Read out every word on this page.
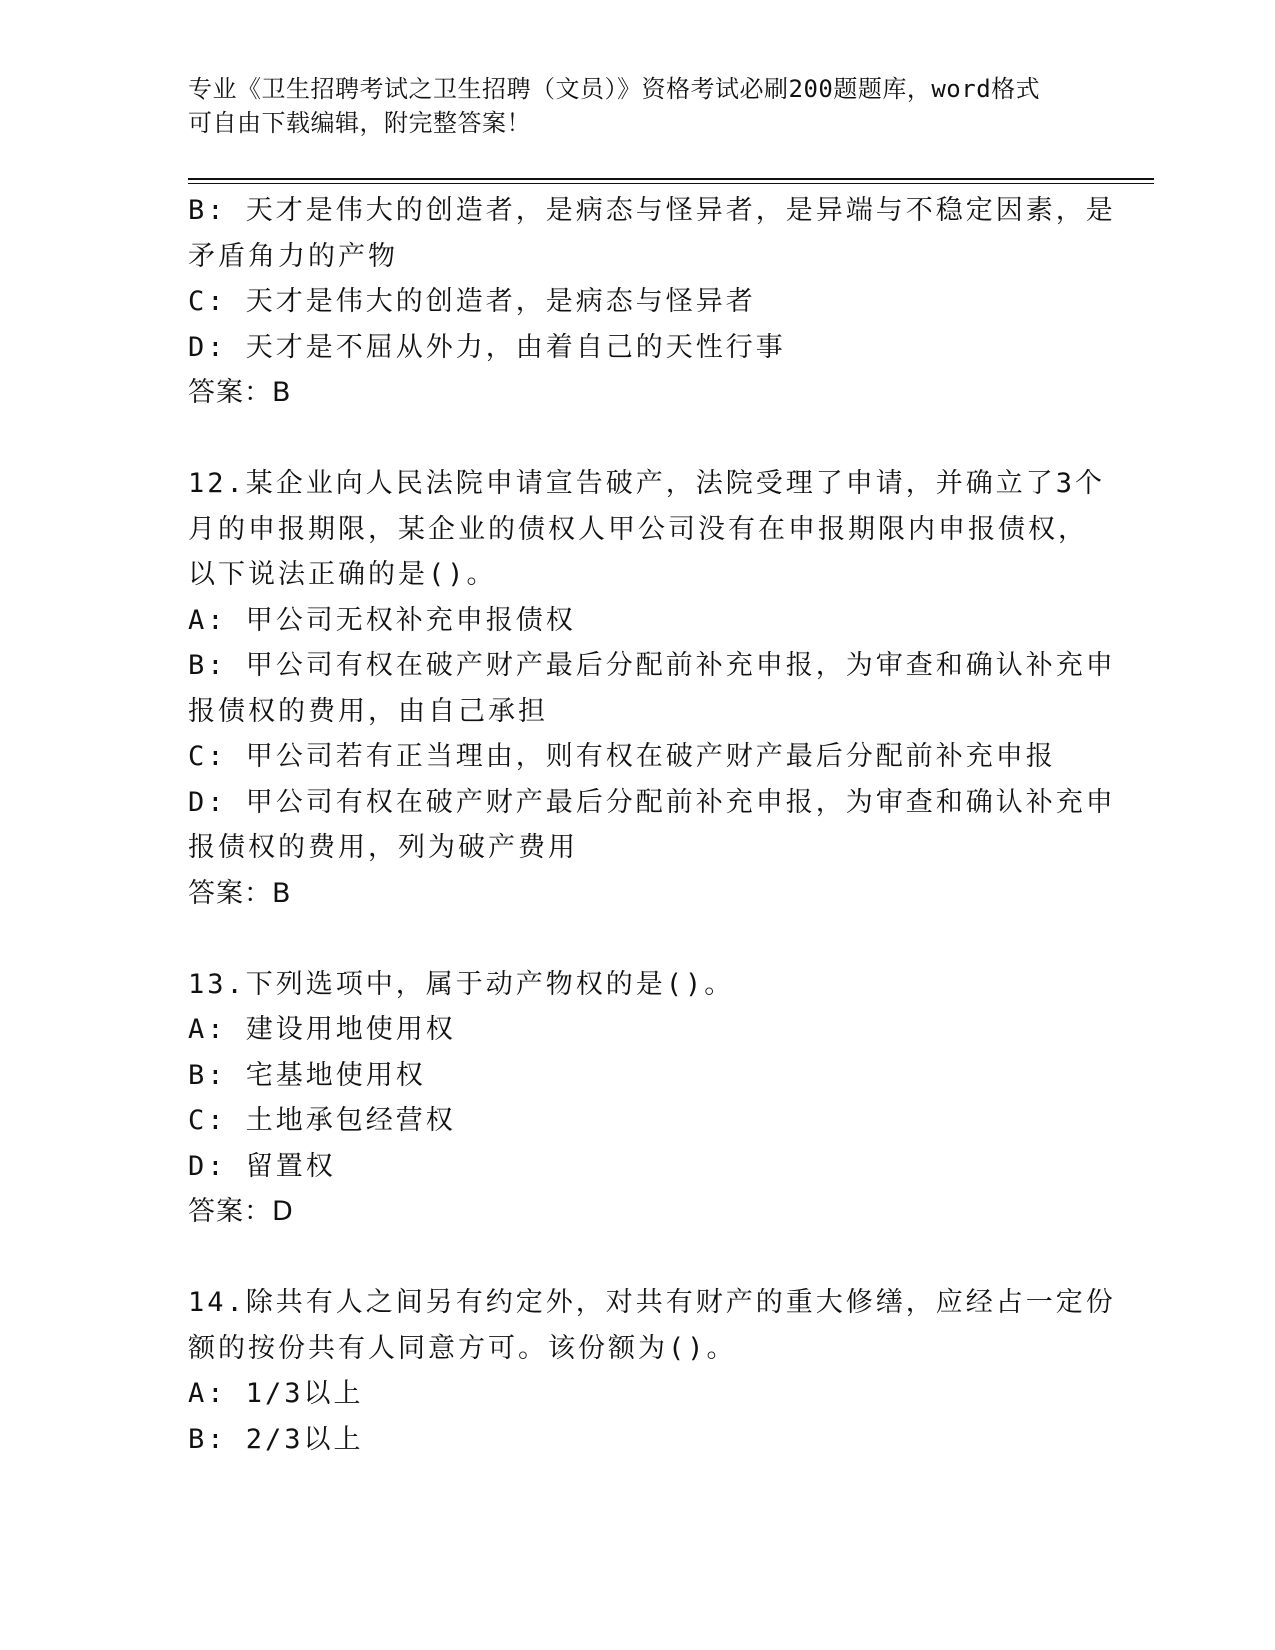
专业《卫生招聘考试之卫生招聘（文员）》资格考试必刷200题题库，word格式
可自由下载编辑，附完整答案！
B: 天才是伟大的创造者，是病态与怪异者，是异端与不稳定因素，是
矛盾角力的产物
C: 天才是伟大的创造者，是病态与怪异者
D: 天才是不屈从外力，由着自己的天性行事
答案：B
12.某企业向人民法院申请宣告破产，法院受理了申请，并确立了3个
月的申报期限，某企业的债权人甲公司没有在申报期限内申报债权，
以下说法正确的是()。
A: 甲公司无权补充申报债权
B: 甲公司有权在破产财产最后分配前补充申报，为审查和确认补充申
报债权的费用，由自己承担
C: 甲公司若有正当理由，则有权在破产财产最后分配前补充申报
D: 甲公司有权在破产财产最后分配前补充申报，为审查和确认补充申
报债权的费用，列为破产费用
答案：B
13.下列选项中，属于动产物权的是()。
A: 建设用地使用权
B: 宅基地使用权
C: 土地承包经营权
D: 留置权
答案：D
14.除共有人之间另有约定外，对共有财产的重大修缮，应经占一定份
额的按份共有人同意方可。该份额为()。
A: 1/3以上
B: 2/3以上
